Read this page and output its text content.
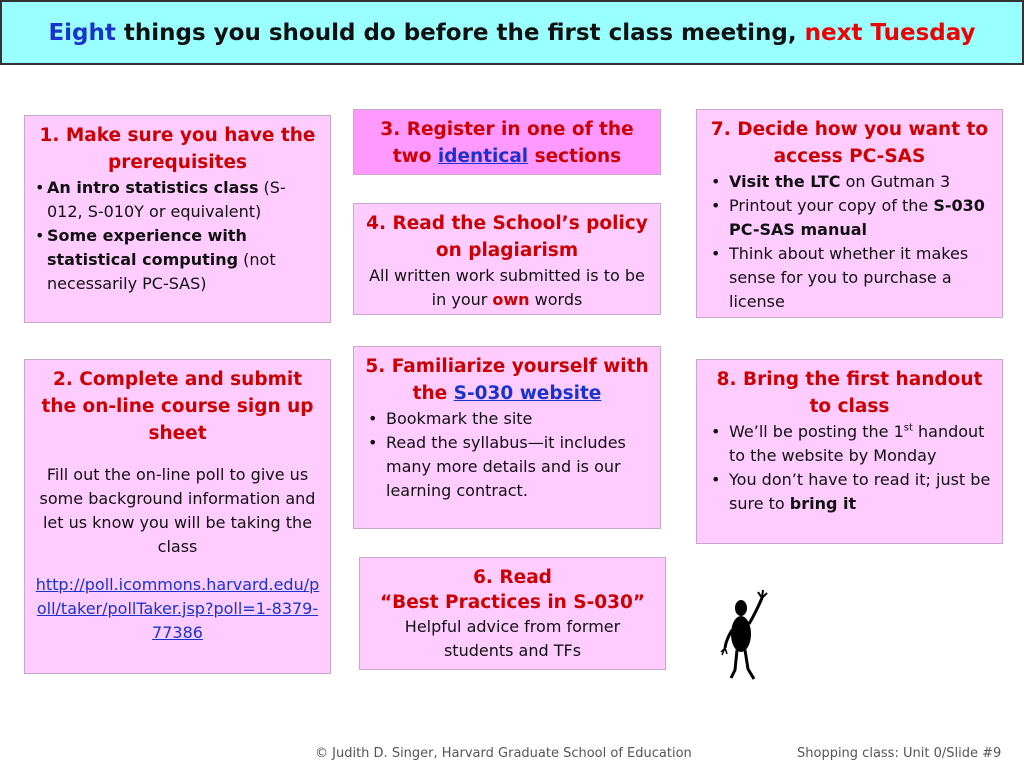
Eight things you should do before the first class meeting, next Tuesday
1. Make sure you have the prerequisites
• An intro statistics class (S-012, S-010Y or equivalent)
• Some experience with statistical computing (not necessarily PC-SAS)
2. Complete and submit the on-line course sign up sheet
Fill out the on-line poll to give us some background information and let us know you will be taking the class
http://poll.icommons.harvard.edu/poll/taker/pollTaker.jsp?poll=1-8379-77386
3. Register in one of the two identical sections
4. Read the School’s policy on plagiarism
All written work submitted is to be in your own words
5. Familiarize yourself with the S-030 website
• Bookmark the site
• Read the syllabus—it includes many more details and is our learning contract.
6. Read
“Best Practices in S-030”
Helpful advice from former students and TFs
7. Decide how you want to access PC-SAS
• Visit the LTC on Gutman 3
• Printout your copy of the S-030 PC-SAS manual
• Think about whether it makes sense for you to purchase a license
8. Bring the first handout to class
• We’ll be posting the 1st handout to the website by Monday
• You don’t have to read it; just be sure to bring it
© Judith D. Singer, Harvard Graduate School of Education	Shopping class: Unit 0/Slide #9
